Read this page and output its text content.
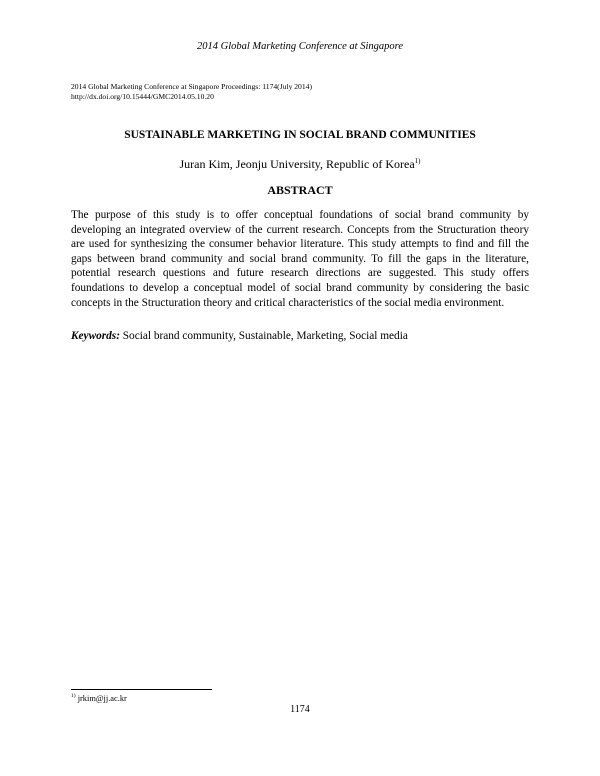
2014 Global Marketing Conference at Singapore
2014 Global Marketing Conference at Singapore Proceedings: 1174(July 2014)
http://dx.doi.org/10.15444/GMC2014.05.10.20
SUSTAINABLE MARKETING IN SOCIAL BRAND COMMUNITIES
Juran Kim, Jeonju University, Republic of Korea$^{1)}$
ABSTRACT
The purpose of this study is to offer conceptual foundations of social brand community by developing an integrated overview of the current research. Concepts from the Structuration theory are used for synthesizing the consumer behavior literature. This study attempts to find and fill the gaps between brand community and social brand community. To fill the gaps in the literature, potential research questions and future research directions are suggested. This study offers foundations to develop a conceptual model of social brand community by considering the basic concepts in the Structuration theory and critical characteristics of the social media environment.
Keywords: Social brand community, Sustainable, Marketing, Social media
$^{1)}$ jrkim@jj.ac.kr
1174
